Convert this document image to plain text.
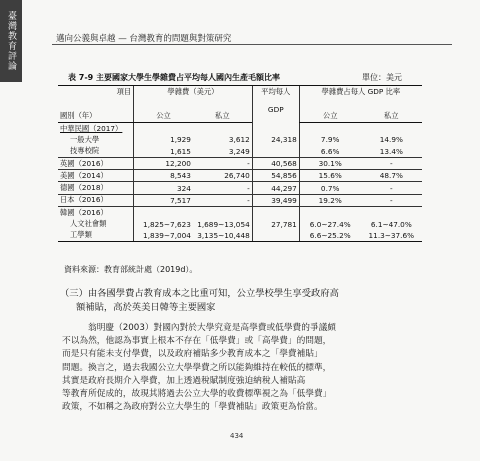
臺灣教育評論	邁向公義與卓越 — 台灣教育的問題與對策研究
表 7-9 主要國家大學生學雜費占平均每人國內生產毛額比率	單位：美元
項目	學雜費（美元）		平均每人	學雜費占每人 GDP 比率	
			GDP		
國別（年）	公立	私立		公立	私立
中華民國（2017）					
一般大學	1,929	3,612	24,318	7.9%	14.9%
技專校院	1,615	3,249		6.6%	13.4%
英國（2016）	12,200	-	40,568	30.1%	-
美國（2014）	8,543	26,740	54,856	15.6%	48.7%
德國（2018）	324	-	44,297	0.7%	-
日本（2016）	7,517	-	39,499	19.2%	-
韓國（2016）					
人文社會類	1,825~7,623	1,689~13,054	27,781	6.0~27.4%	6.1~47.0%
工學類	1,839~7,004	3,135~10,448		6.6~25.2%	11.3~37.6%
資料來源：教育部統計處（2019d）。
（三）由各國學費占教育成本之比重可知，公立學校學生享受政府高
額補貼，高於英美日韓等主要國家
翁明慶（2003）對國內對於大學究竟是高學費或低學費的爭議頗
不以為然，他認為事實上根本不存在「低學費」或「高學費」的問題，
而是只有能未支付學費，以及政府補貼多少教育成本之「學費補貼」
問題。換言之，過去我國公立大學學費之所以能夠維持在較低的標準，
其實是政府長期介入學費，加上透過稅賦制度強迫納稅人補貼高
等教育所促成的，故現其將過去公立大學的收費標準視之為「低學費」
政策，不如稱之為政府對公立大學生的「學費補貼」政策更為恰當。
434
